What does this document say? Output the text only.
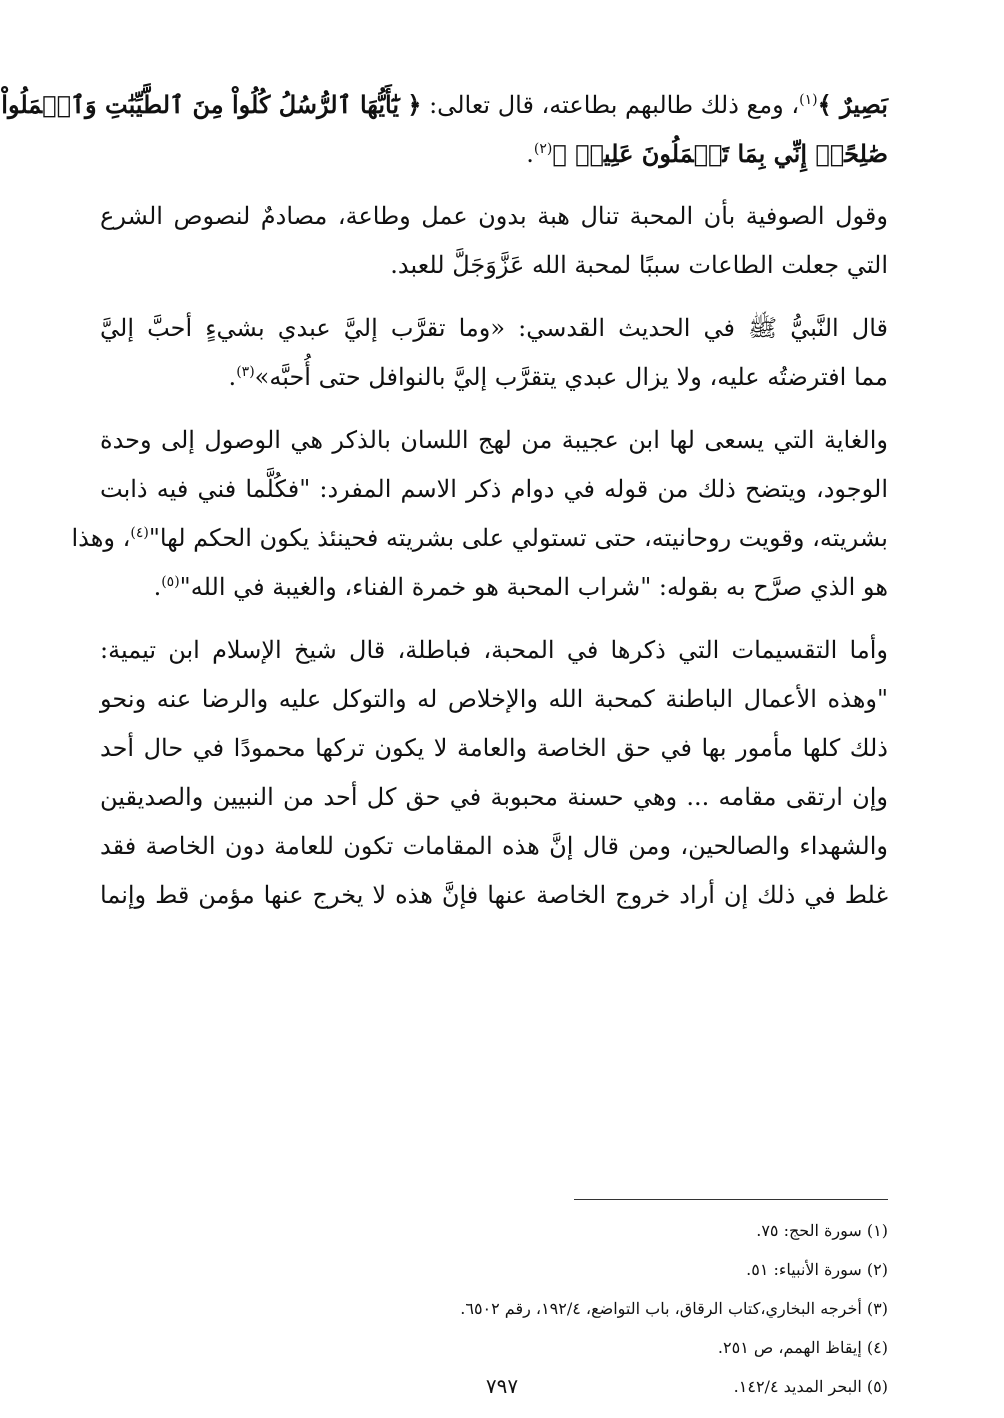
بَصِيرٌ ﴾$^{(١)}$، ومع ذلك طالبهم بطاعته، قال تعالى: ﴿ يَٰٓأَيُّهَا ٱلرُّسُلُ كُلُواْ مِنَ ٱلطَّيِّبَٰتِ وَٱعۡمَلُواْ
صَٰلِحًاۖ إِنِّي بِمَا تَعۡمَلُونَ عَلِيمٞ ﴾$^{(٢)}$.
وقول الصوفية بأن المحبة تنال هبة بدون عمل وطاعة، مصادمٌ لنصوص الشرع
التي جعلت الطاعات سببًا لمحبة الله عَزَّوَجَلَّ للعبد.
قال النَّبيُّ ﷺ في الحديث القدسي: «وما تقرَّب إليَّ عبدي بشيءٍ أحبَّ إليَّ
مما افترضتُه عليه، ولا يزال عبدي يتقرَّب إليَّ بالنوافل حتى أُحبَّه»$^{(٣)}$.
والغاية التي يسعى لها ابن عجيبة من لهج اللسان بالذكر هي الوصول إلى وحدة
الوجود، ويتضح ذلك من قوله في دوام ذكر الاسم المفرد: "فكُلَّما فني فيه ذابت
بشريته، وقويت روحانيته، حتى تستولي على بشريته فحينئذ يكون الحكم لها"$^{(٤)}$، وهذا
هو الذي صرَّح به بقوله: "شراب المحبة هو خمرة الفناء، والغيبة في الله"$^{(٥)}$.
وأما التقسيمات التي ذكرها في المحبة، فباطلة، قال شيخ الإسلام ابن تيمية:
"وهذه الأعمال الباطنة كمحبة الله والإخلاص له والتوكل عليه والرضا عنه ونحو
ذلك كلها مأمور بها في حق الخاصة والعامة لا يكون تركها محمودًا في حال أحد
وإن ارتقى مقامه ... وهي حسنة محبوبة في حق كل أحد من النبيين والصديقين
والشهداء والصالحين، ومن قال إنَّ هذه المقامات تكون للعامة دون الخاصة فقد
غلط في ذلك إن أراد خروج الخاصة عنها فإنَّ هذه لا يخرج عنها مؤمن قط وإنما
(١) سورة الحج: ٧٥.
(٢) سورة الأنبياء: ٥١.
(٣) أخرجه البخاري،كتاب الرقاق، باب التواضع، ١٩٢/٤، رقم ٦٥٠٢.
(٤) إيقاظ الهمم، ص ٢٥١.
(٥) البحر المديد ١٤٢/٤.
٧٩٧
